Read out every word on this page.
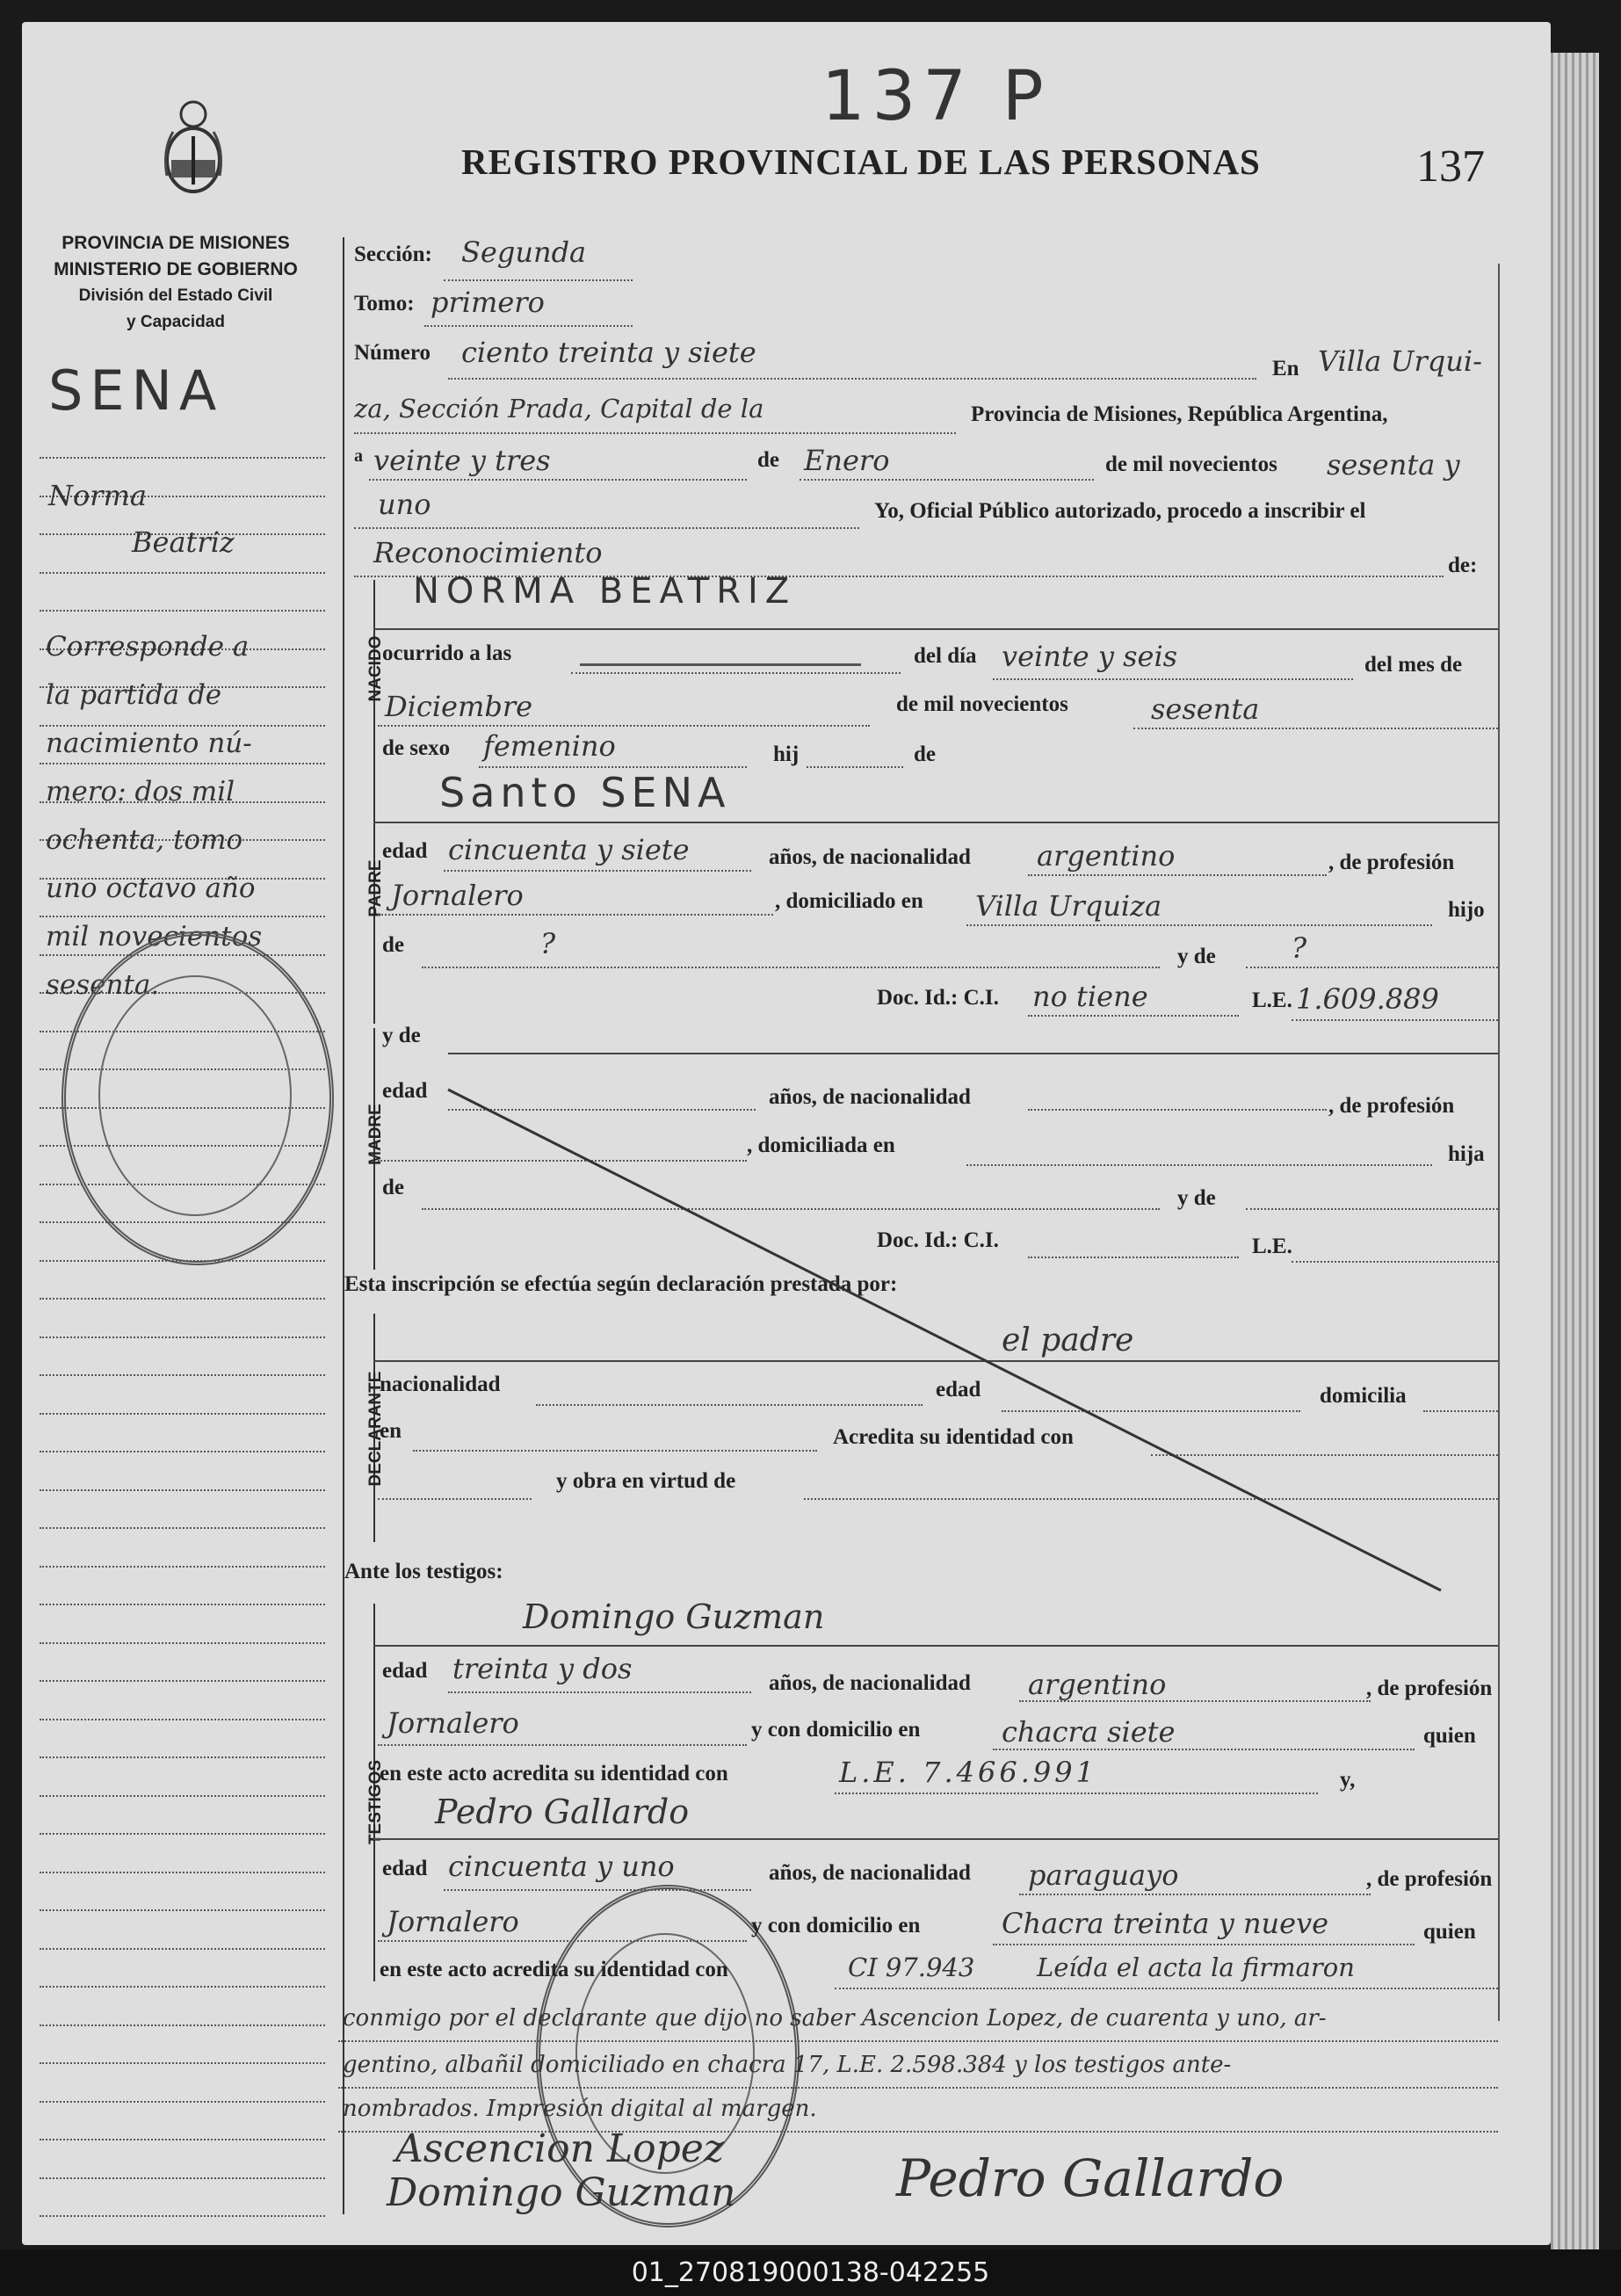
137 P
REGISTRO PROVINCIAL DE LAS PERSONAS	137
PROVINCIA DE MISIONES
MINISTERIO DE GOBIERNO
División del Estado Civil
y Capacidad
SENA
Norma
Beatriz
Corresponde a
la partida de
nacimiento nú-
mero: dos mil
ochenta, tomo
uno octavo año
mil novecientos
sesenta.
Sección: Segunda
Tomo: primero
Número ciento treinta y siete	En Villa Urqui-
za, Sección Prada, Capital de la	Provincia de Misiones, República Argentina,
a veinte y tres	de Enero	de mil novecientos sesenta y
uno	Yo, Oficial Público autorizado, procedo a inscribir el
Reconocimiento	de:
NACIDO
NORMA BEATRIZ
ocurrido a las	del día veinte y seis	del mes de
Diciembre	de mil novecientos	sesenta
de sexo femenino	hij	de
PADRE
Santo SENA
edad cincuenta y siete	años, de nacionalidad argentino	, de profesión
Jornalero	, domiciliado en Villa Urquiza	hijo
de	?	y de	?
Doc. Id.: C.I. no tiene	L.E. 1.609.889
MADRE
y de
edad	años, de nacionalidad	, de profesión
, domiciliada en	hija
de	y de
Doc. Id.: C.I.	L.E.
Esta inscripción se efectúa según declaración prestada por:
DECLARANTE
el padre
nacionalidad	edad	domicilia
en	Acredita su identidad con
y obra en virtud de
Ante los testigos:
TESTIGOS
Domingo Guzman
edad treinta y dos	años, de nacionalidad argentino	, de profesión
Jornalero	y con domicilio en	chacra siete	quien
en este acto acredita su identidad con	L.E. 7.466.991	y,
Pedro Gallardo
edad cincuenta y uno	años, de nacionalidad paraguayo	, de profesión
Jornalero	y con domicilio en	Chacra treinta y nueve	quien
en este acto acredita su identidad con	CI 97.943 Leída el acta la firmaron
conmigo por el declarante que dijo no saber Ascencion Lopez, de cuarenta y uno, ar-
gentino, albañil domiciliado en chacra 17, L.E. 2.598.384 y los testigos ante-
nombrados. Impresión digital al margen.
Ascencion Lopez
Domingo Guzman	Pedro Gallardo
01_270819000138-042255
